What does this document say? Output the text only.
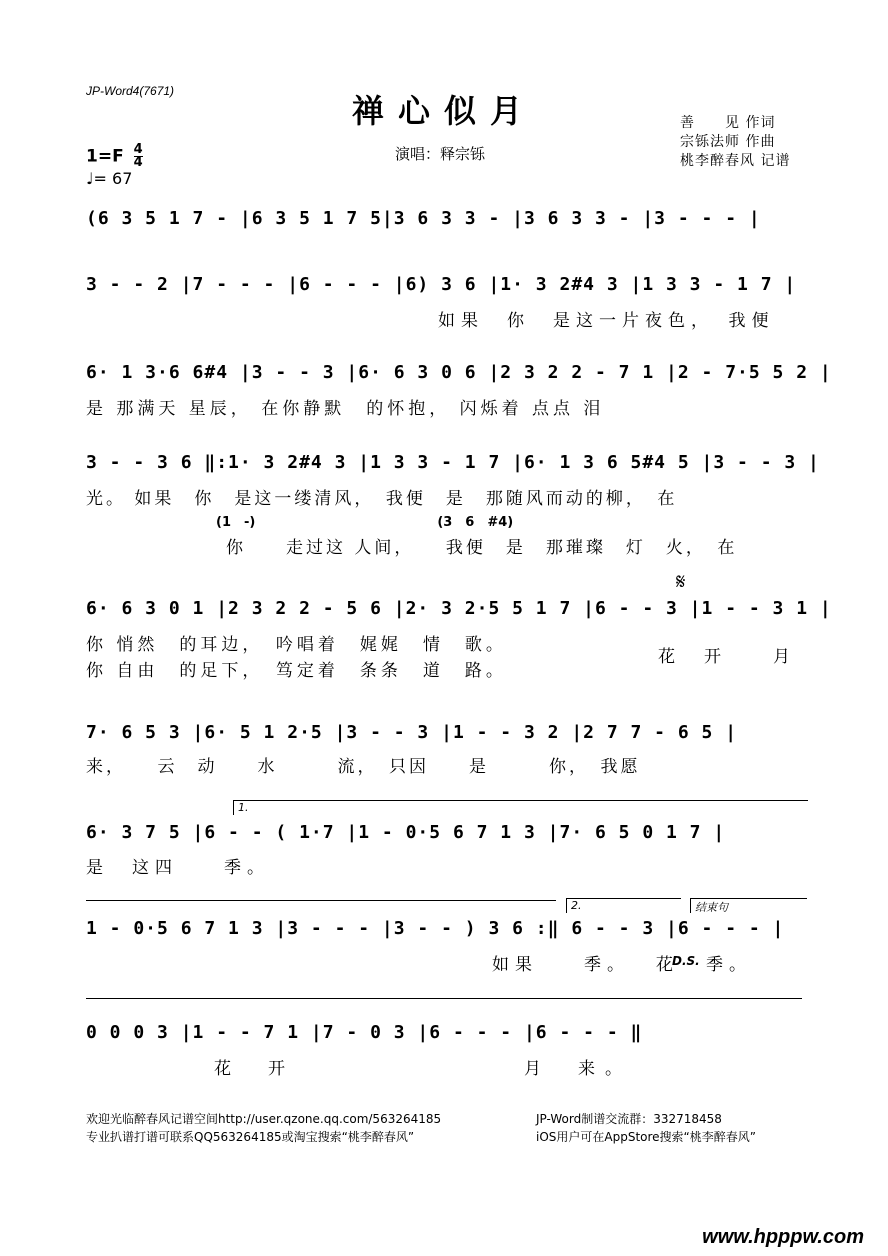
JP-Word4(7671)
禅心似月
演唱：释宗铄
善　　见 作词
宗铄法师 作曲
桃李醉春风 记谱
$1=F \frac{4}{4}$
♩= 67
(6 3 5 1 7 - |6 3 5 1 7 5|3 6 3 3 - |3 6 3 3 - |3 - - - |
3 - - 2 |7 - - - |6 - - - |6) 3 6 |1· 3 2#4 3 |1 3 3 - 1 7 |
如果　你　是这一片夜色，　我便
6· 1 3·6 6#4 |3 - - 3 |6· 6 3 0 6 |2 3 2 2 - 7 1 |2 - 7·5 5 2 |
是 那满天 星辰， 在你静默　的怀抱， 闪烁着 点点 泪
3 - - 3 6 ‖:1· 3 2#4 3 |1 3 3 - 1 7 |6· 1 3 6 5#4 5 |3 - - 3 |
光。 如果　你　是这一缕清风，　我便　是　那随风而动的柳，　在
(1　-)　　　　　　　　　　　　　　(3　6　#4)
你　　走过这 人间，　　我便　是　那璀璨　灯　火，　在
𝄋
6· 6 3 0 1 |2 3 2 2 - 5 6 |2· 3 2·5 5 1 7 |6 - - 3 |1 - - 3 1 |
你 悄然　的耳边，　吟唱着　娓娓　情　歌。
你 自由　的足下，　笃定着　条条　道　路。
花　开　　月
7· 6 5 3 |6· 5 1 2·5 |3 - - 3 |1 - - 3 2 |2 7 7 - 6 5 |
来，　　云　动　　水　　　流，　只因　　是　　　你，　我愿
1.
6· 3 7 5 |6 - - ( 1·7 |1 - 0·5 6 7 1 3 |7· 6 5 0 1 7 |
是　这四　　季。
2.	结束句
1 - 0·5 6 7 1 3 |3 - - - |3 - - ) 3 6 :‖ 6 - - 3 |6 - - - |
如果　　季。　 花
D.S. 季。
0 0 0 3 |1 - - 7 1 |7 - 0 3 |6 - - - |6 - - - ‖
花　开	月　来。
欢迎光临醉春风记谱空间http://user.qzone.qq.com/563264185
专业扒谱打谱可联系QQ563264185或淘宝搜索“桃李醉春风”
JP-Word制谱交流群：332718458
iOS用户可在AppStore搜索“桃李醉春风”
www.hpppw.com
